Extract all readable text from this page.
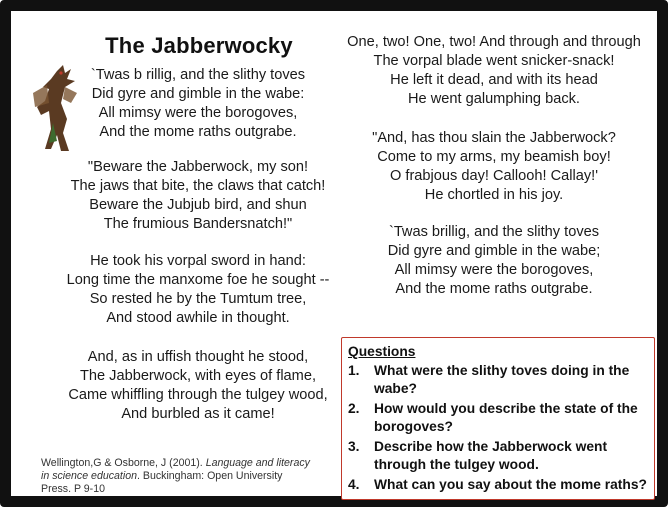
The Jabberwocky
`Twas b rillig, and the slithy toves
Did gyre and gimble in the wabe:
All mimsy were the borogoves,
And the mome raths outgrabe.
"Beware the Jabberwock, my son!
The jaws that bite, the claws that catch!
Beware the Jubjub bird, and shun
The frumious Bandersnatch!"
He took his vorpal sword in hand:
Long time the manxome foe he sought --
So rested he by the Tumtum tree,
And stood awhile in thought.
And, as in uffish thought he stood,
The Jabberwock, with eyes of flame,
Came whiffling through the tulgey wood,
And burbled as it came!
One, two! One, two! And through and through
The vorpal blade went snicker-snack!
He left it dead, and with its head
He went galumphing back.
"And, has thou slain the Jabberwock?
Come to my arms, my beamish boy!
O frabjous day! Callooh! Callay!'
He chortled in his joy.
`Twas brillig, and the slithy toves
Did gyre and gimble in the wabe;
All mimsy were the borogoves,
And the mome raths outgrabe.
Wellington,G & Osborne, J (2001). Language and literacy in science education. Buckingham: Open University Press. P 9-10
Questions
1.	What were the slithy toves doing in the wabe?
2.	How would you describe the state of the borogoves?
3.	Describe how the Jabberwock went through the tulgey wood.
4.	What can you say about the mome raths?
